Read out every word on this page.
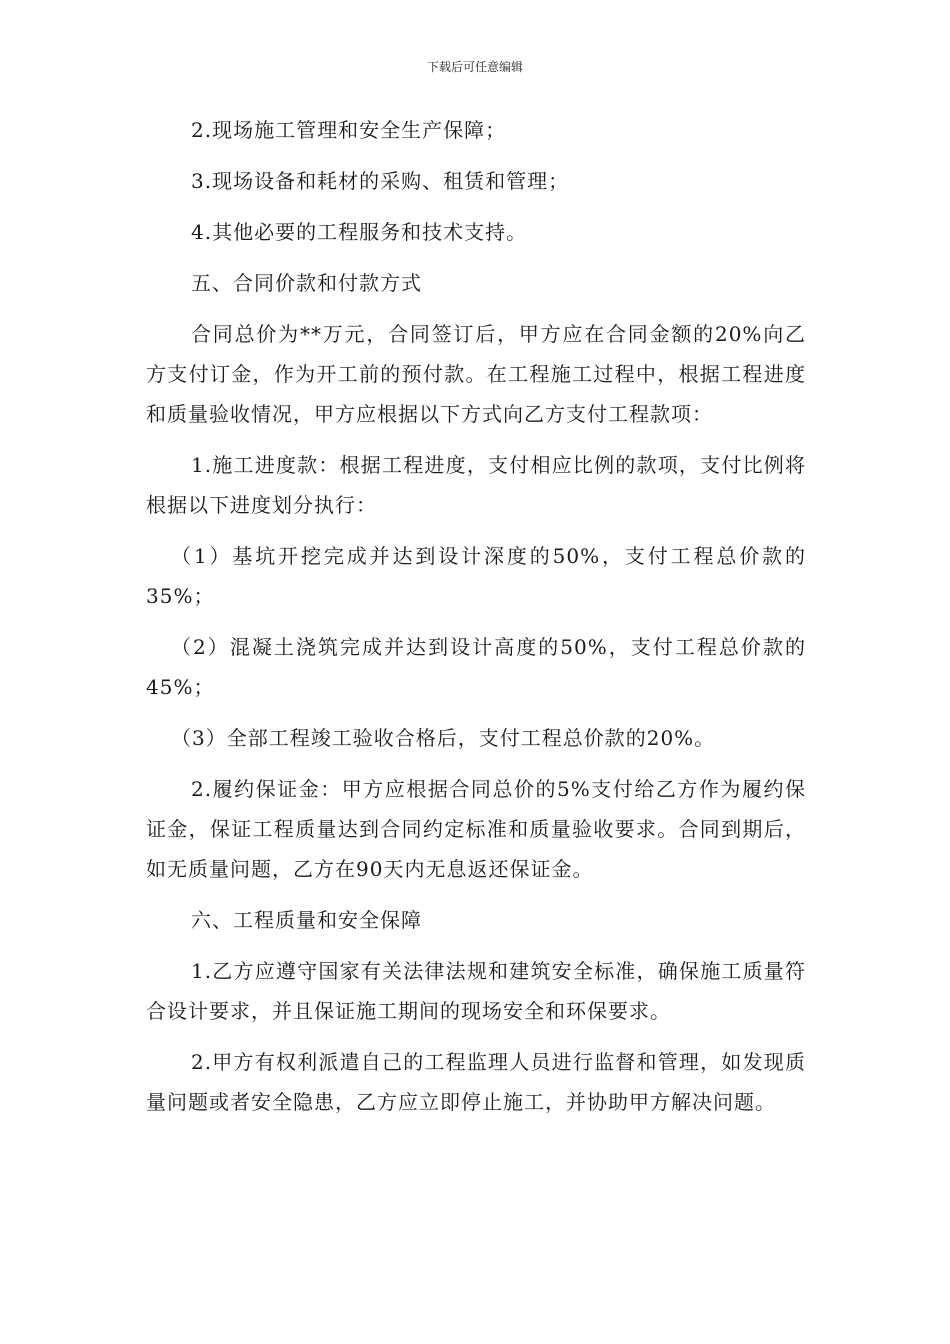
下载后可任意编辑

2.现场施工管理和安全生产保障；

3.现场设备和耗材的采购、租赁和管理；

4.其他必要的工程服务和技术支持。

五、合同价款和付款方式

合同总价为**万元，合同签订后，甲方应在合同金额的20%向乙方支付订金，作为开工前的预付款。在工程施工过程中，根据工程进度和质量验收情况，甲方应根据以下方式向乙方支付工程款项：

1.施工进度款：根据工程进度，支付相应比例的款项，支付比例将根据以下进度划分执行：

（1）基坑开挖完成并达到设计深度的50%，支付工程总价款的35%；

（2）混凝土浇筑完成并达到设计高度的50%，支付工程总价款的45%；

（3）全部工程竣工验收合格后，支付工程总价款的20%。

2.履约保证金：甲方应根据合同总价的5%支付给乙方作为履约保证金，保证工程质量达到合同约定标准和质量验收要求。合同到期后，如无质量问题，乙方在90天内无息返还保证金。

六、工程质量和安全保障

1.乙方应遵守国家有关法律法规和建筑安全标准，确保施工质量符合设计要求，并且保证施工期间的现场安全和环保要求。

2.甲方有权利派遣自己的工程监理人员进行监督和管理，如发现质量问题或者安全隐患，乙方应立即停止施工，并协助甲方解决问题。
